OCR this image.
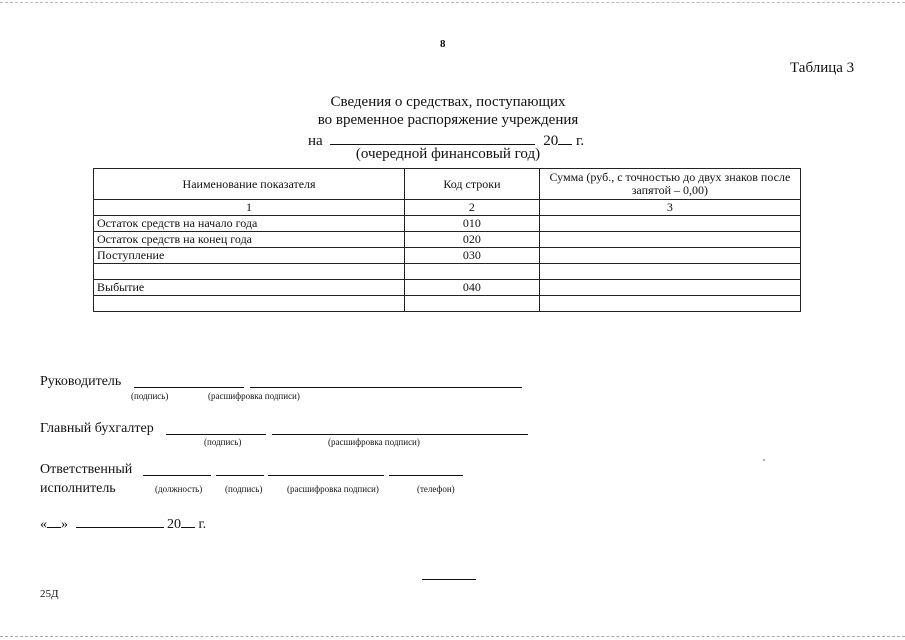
8
Таблица 3
Сведения о средствах, поступающих
во временное распоряжение учреждения
на	20 г.
(очередной финансовый год)
Наименование показателя	Код строки	Сумма (руб., с точностью до двух знаков после запятой – 0,00)
1	2	3
Остаток средств на начало года	010	
Остаток средств на конец года	020	
Поступление	030	

Выбытие	040	

Руководитель
(подпись)	(расшифровка подписи)
Главный бухгалтер
(подпись)	(расшифровка подписи)
Ответственный
исполнитель	(должность)	(подпись)	(расшифровка подписи)	(телефон)
« »	20 г.
25Д
